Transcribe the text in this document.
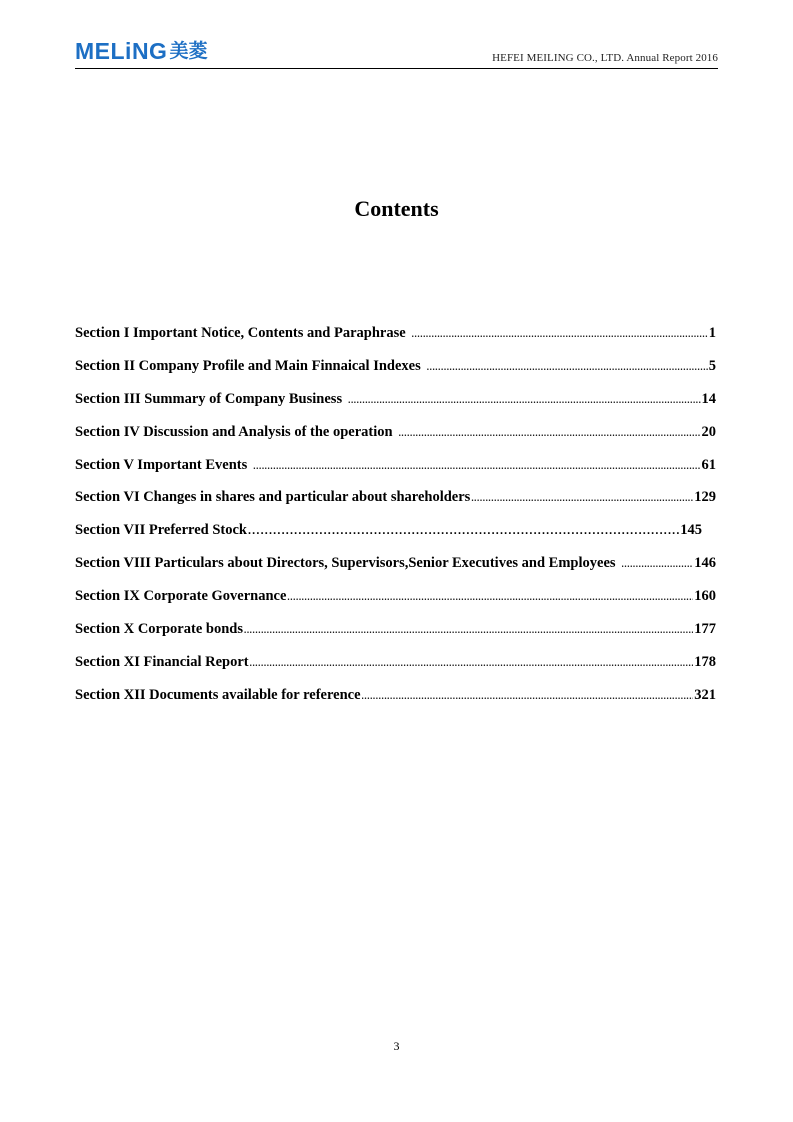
MELiNG 美菱	HEFEI MEILING CO., LTD. Annual Report 2016
Contents
Section I Important Notice, Contents and Paraphrase .....	1
Section II Company Profile and Main Finnaical Indexes .....	5
Section III Summary of Company Business .....	14
Section IV Discussion and Analysis of the operation .....	20
Section V Important Events .....	61
Section VI Changes in shares and particular about shareholders .....	129
Section VII Preferred Stock .....	145
Section VIII Particulars about Directors, Supervisors,Senior Executives and Employees .....	146
Section IX Corporate Governance .....	160
Section X Corporate bonds .....	177
Section XI Financial Report .....	178
Section XII Documents available for reference .....	321
3
